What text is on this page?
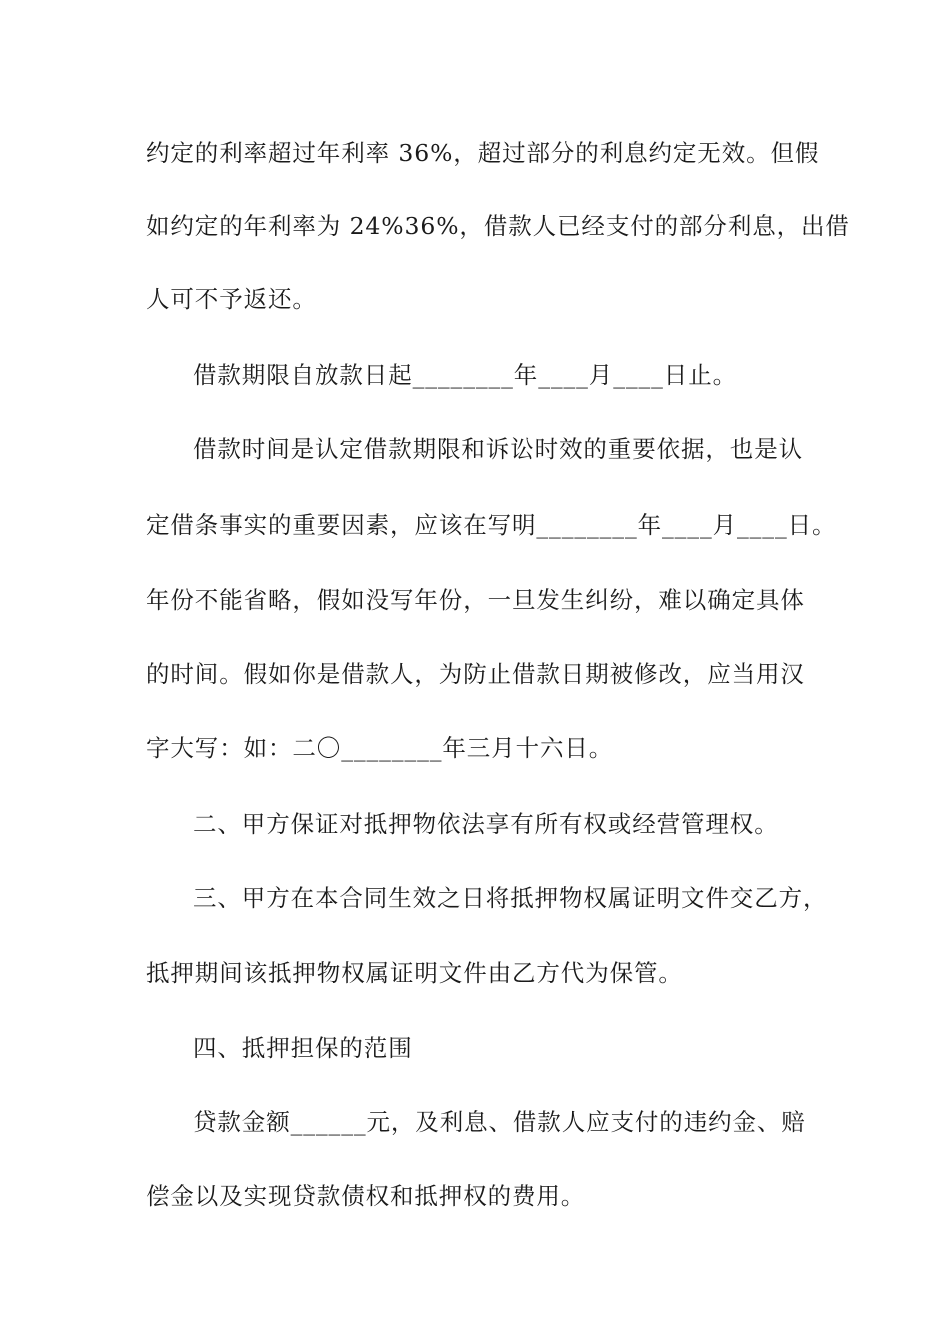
约定的利率超过年利率 36%，超过部分的利息约定无效。但假
如约定的年利率为 24%36%，借款人已经支付的部分利息，出借
人可不予返还。
借款期限自放款日起________年____月____日止。
借款时间是认定借款期限和诉讼时效的重要依据，也是认
定借条事实的重要因素，应该在写明________年____月____日。
年份不能省略，假如没写年份，一旦发生纠纷，难以确定具体
的时间。假如你是借款人，为防止借款日期被修改，应当用汉
字大写：如：二〇________年三月十六日。
二、甲方保证对抵押物依法享有所有权或经营管理权。
三、甲方在本合同生效之日将抵押物权属证明文件交乙方，
抵押期间该抵押物权属证明文件由乙方代为保管。
四、抵押担保的范围
贷款金额______元，及利息、借款人应支付的违约金、赔
偿金以及实现贷款债权和抵押权的费用。
